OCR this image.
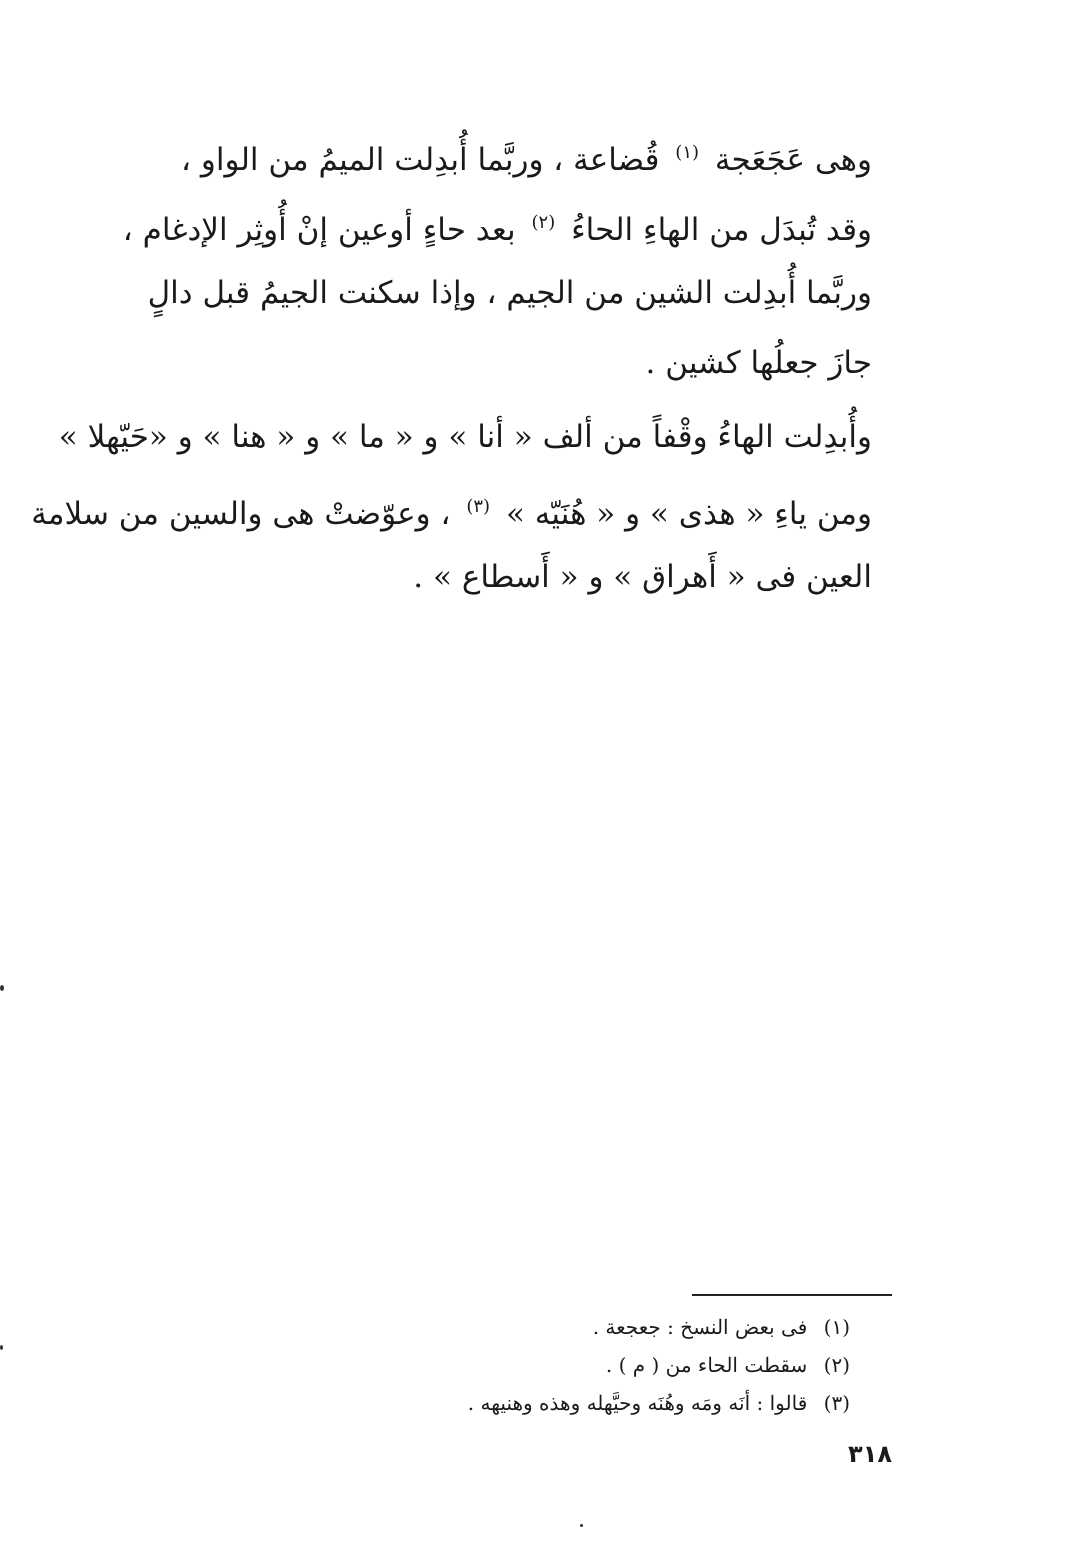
وهى عَجَعَجة $^{(١)}$ قُضاعة ، وربَّما أُبدِلت الميمُ من الواو ،
وقد تُبدَل من الهاءِ الحاءُ $^{(٢)}$ بعد حاءٍ أوعين إنْ أُوثِر الإدغام ،
وربَّما أُبدِلت الشين من الجيم ، وإذا سكنت الجيمُ قبل دالٍ
جازَ جعلُها كشين .

وأُبدِلت الهاءُ وقْفاً من ألف « أنا » و « ما » و « هنا » و «حَيّهلا »
ومن ياءِ « هذى » و « هُنَيّه » $^{(٣)}$ ، وعوّضتْ هى والسين من سلامة
العين فى « أَهراق » و « أَسطاع » .

(١) فى بعض النسخ : جعجعة .
(٢) سقطت الحاء من ( م ) .
(٣) قالوا : أنَه ومَه وهُنَه وحيَّهله وهذه وهنيهه .
٣١٨
